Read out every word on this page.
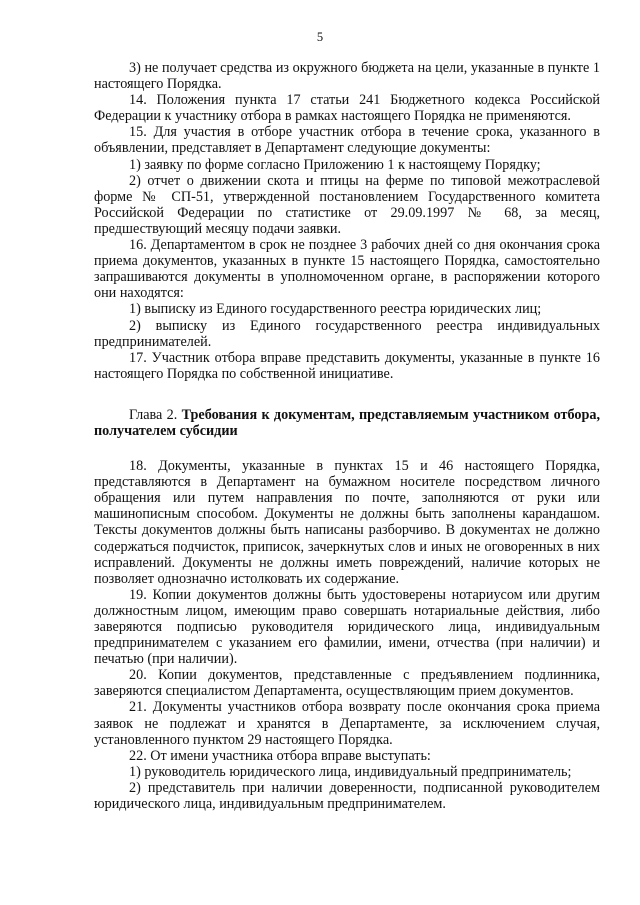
5

3) не получает средства из окружного бюджета на цели, указанные в пункте 1 настоящего Порядка.

14. Положения пункта 17 статьи 241 Бюджетного кодекса Российской Федерации к участнику отбора в рамках настоящего Порядка не применяются.

15. Для участия в отборе участник отбора в течение срока, указанного в объявлении, представляет в Департамент следующие документы:

1) заявку по форме согласно Приложению 1 к настоящему Порядку;

2) отчет о движении скота и птицы на ферме по типовой межотраслевой форме № СП-51, утвержденной постановлением Государственного комитета Российской Федерации по статистике от 29.09.1997 № 68, за месяц, предшествующий месяцу подачи заявки.

16. Департаментом в срок не позднее 3 рабочих дней со дня окончания срока приема документов, указанных в пункте 15 настоящего Порядка, самостоятельно запрашиваются документы в уполномоченном органе, в распоряжении которого они находятся:

1) выписку из Единого государственного реестра юридических лиц;

2) выписку из Единого государственного реестра индивидуальных предпринимателей.

17. Участник отбора вправе представить документы, указанные в пункте 16 настоящего Порядка по собственной инициативе.

Глава 2. Требования к документам, представляемым участником отбора, получателем субсидии

18. Документы, указанные в пунктах 15 и 46 настоящего Порядка, представляются в Департамент на бумажном носителе посредством личного обращения или путем направления по почте, заполняются от руки или машинописным способом. Документы не должны быть заполнены карандашом. Тексты документов должны быть написаны разборчиво. В документах не должно содержаться подчисток, приписок, зачеркнутых слов и иных не оговоренных в них исправлений. Документы не должны иметь повреждений, наличие которых не позволяет однозначно истолковать их содержание.

19. Копии документов должны быть удостоверены нотариусом или другим должностным лицом, имеющим право совершать нотариальные действия, либо заверяются подписью руководителя юридического лица, индивидуальным предпринимателем с указанием его фамилии, имени, отчества (при наличии) и печатью (при наличии).

20. Копии документов, представленные с предъявлением подлинника, заверяются специалистом Департамента, осуществляющим прием документов.

21. Документы участников отбора возврату после окончания срока приема заявок не подлежат и хранятся в Департаменте, за исключением случая, установленного пунктом 29 настоящего Порядка.

22. От имени участника отбора вправе выступать:

1) руководитель юридического лица, индивидуальный предприниматель;

2) представитель при наличии доверенности, подписанной руководителем юридического лица, индивидуальным предпринимателем.
